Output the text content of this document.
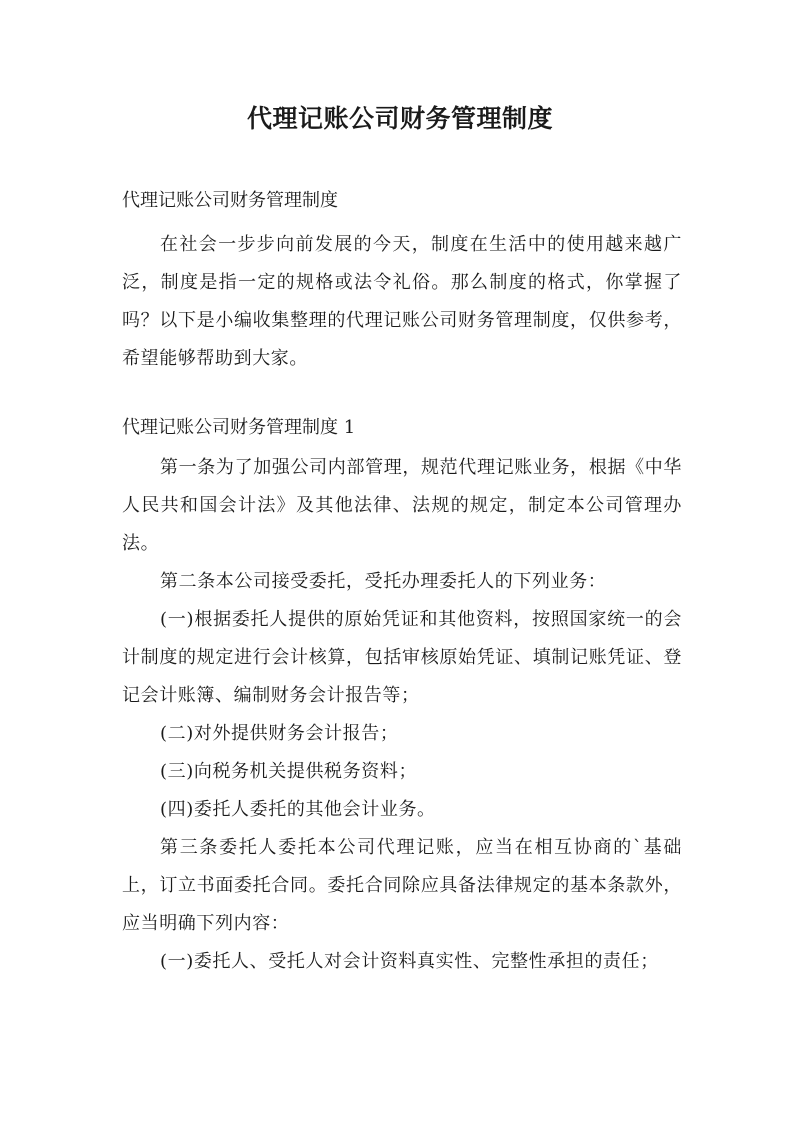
代理记账公司财务管理制度
代理记账公司财务管理制度

在社会一步步向前发展的今天，制度在生活中的使用越来越广泛，制度是指一定的规格或法令礼俗。那么制度的格式，你掌握了吗？以下是小编收集整理的代理记账公司财务管理制度，仅供参考，希望能够帮助到大家。

代理记账公司财务管理制度 1

第一条为了加强公司内部管理，规范代理记账业务，根据《中华人民共和国会计法》及其他法律、法规的规定，制定本公司管理办法。

第二条本公司接受委托，受托办理委托人的下列业务：

(一)根据委托人提供的原始凭证和其他资料，按照国家统一的会计制度的规定进行会计核算，包括审核原始凭证、填制记账凭证、登记会计账簿、编制财务会计报告等；

(二)对外提供财务会计报告；

(三)向税务机关提供税务资料；

(四)委托人委托的其他会计业务。

第三条委托人委托本公司代理记账，应当在相互协商的`基础上，订立书面委托合同。委托合同除应具备法律规定的基本条款外，应当明确下列内容：

(一)委托人、受托人对会计资料真实性、完整性承担的责任；
